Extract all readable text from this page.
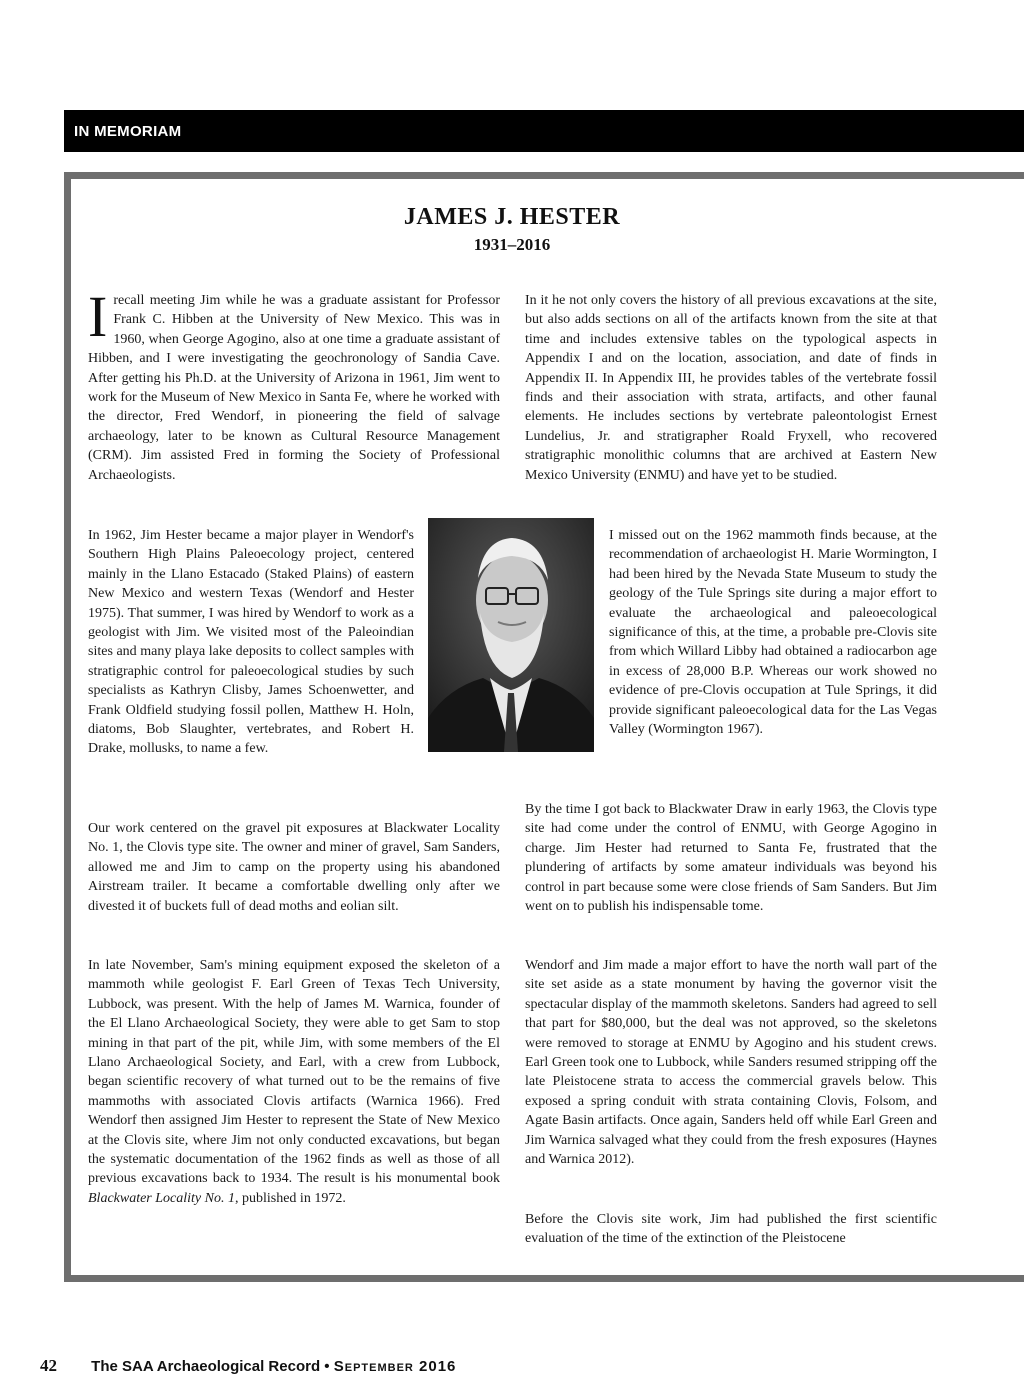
IN MEMORIAM
JAMES J. HESTER
1931–2016

Irecall meeting Jim while he was a graduate assistant for Professor Frank C. Hibben at the University of New Mexico. This was in 1960, when George Agogino, also at one time a graduate assistant of Hibben, and I were investigating the geochronology of Sandia Cave. After getting his Ph.D. at the University of Arizona in 1961, Jim went to work for the Museum of New Mexico in Santa Fe, where he worked with the director, Fred Wendorf, in pioneering the field of salvage archaeology, later to be known as Cultural Resource Management (CRM). Jim assisted Fred in forming the Society of Professional Archaeologists.

In 1962, Jim Hester became a major player in Wendorf's Southern High Plains Paleoecology project, centered mainly in the Llano Estacado (Staked Plains) of eastern New Mexico and western Texas (Wendorf and Hester 1975). That summer, I was hired by Wendorf to work as a geologist with Jim. We visited most of the Paleoindian sites and many playa lake deposits to collect samples with stratigraphic control for paleoecological studies by such specialists as Kathryn Clisby, James Schoenwetter, and Frank Oldfield studying fossil pollen, Matthew H. Holn, diatoms, Bob Slaughter, vertebrates, and Robert H. Drake, mollusks, to name a few.

Our work centered on the gravel pit exposures at Blackwater Locality No. 1, the Clovis type site. The owner and miner of gravel, Sam Sanders, allowed me and Jim to camp on the property using his abandoned Airstream trailer. It became a comfortable dwelling only after we divested it of buckets full of dead moths and eolian silt.

In late November, Sam's mining equipment exposed the skeleton of a mammoth while geologist F. Earl Green of Texas Tech University, Lubbock, was present. With the help of James M. Warnica, founder of the El Llano Archaeological Society, they were able to get Sam to stop mining in that part of the pit, while Jim, with some members of the El Llano Archaeological Society, and Earl, with a crew from Lubbock, began scientific recovery of what turned out to be the remains of five mammoths with associated Clovis artifacts (Warnica 1966). Fred Wendorf then assigned Jim Hester to represent the State of New Mexico at the Clovis site, where Jim not only conducted excavations, but began the systematic documentation of the 1962 finds as well as those of all previous excavations back to 1934. The result is his monumental book Blackwater Locality No. 1, published in 1972.

In it he not only covers the history of all previous excavations at the site, but also adds sections on all of the artifacts known from the site at that time and includes extensive tables on the typological aspects in Appendix I and on the location, association, and date of finds in Appendix II. In Appendix III, he provides tables of the vertebrate fossil finds and their association with strata, artifacts, and other faunal elements. He includes sections by vertebrate paleontologist Ernest Lundelius, Jr. and stratigrapher Roald Fryxell, who recovered stratigraphic monolithic columns that are archived at Eastern New Mexico University (ENMU) and have yet to be studied.

I missed out on the 1962 mammoth finds because, at the recommendation of archaeologist H. Marie Wormington, I had been hired by the Nevada State Museum to study the geology of the Tule Springs site during a major effort to evaluate the archaeological and paleoecological significance of this, at the time, a probable pre-Clovis site from which Willard Libby had obtained a radiocarbon age in excess of 28,000 B.P. Whereas our work showed no evidence of pre-Clovis occupation at Tule Springs, it did provide significant paleoecological data for the Las Vegas Valley (Wormington 1967).

By the time I got back to Blackwater Draw in early 1963, the Clovis type site had come under the control of ENMU, with George Agogino in charge. Jim Hester had returned to Santa Fe, frustrated that the plundering of artifacts by some amateur individuals was beyond his control in part because some were close friends of Sam Sanders. But Jim went on to publish his indispensable tome.

Wendorf and Jim made a major effort to have the north wall part of the site set aside as a state monument by having the governor visit the spectacular display of the mammoth skeletons. Sanders had agreed to sell that part for $80,000, but the deal was not approved, so the skeletons were removed to storage at ENMU by Agogino and his student crews. Earl Green took one to Lubbock, while Sanders resumed stripping off the late Pleistocene strata to access the commercial gravels below. This exposed a spring conduit with strata containing Clovis, Folsom, and Agate Basin artifacts. Once again, Sanders held off while Earl Green and Jim Warnica salvaged what they could from the fresh exposures (Haynes and Warnica 2012).

Before the Clovis site work, Jim had published the first scientific evaluation of the time of the extinction of the Pleistocene

42 The SAA Archaeological Record • September 2016
